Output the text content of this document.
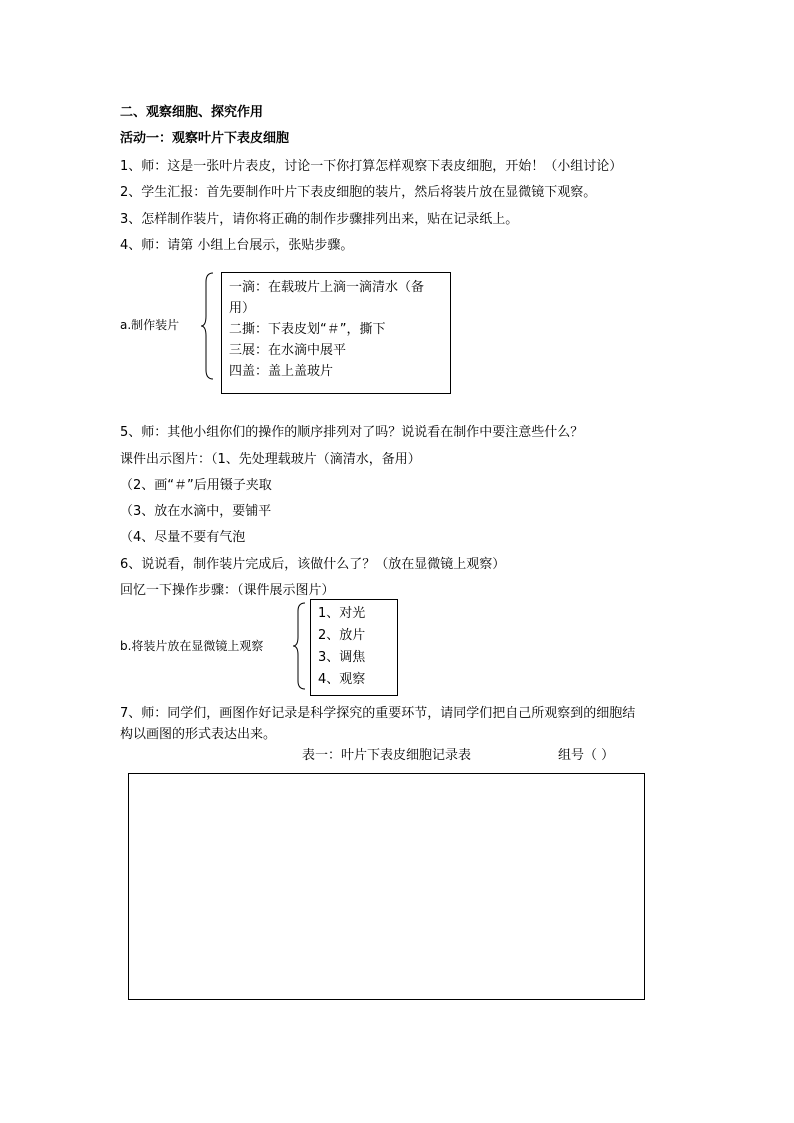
二、观察细胞、探究作用
活动一：观察叶片下表皮细胞
1、师：这是一张叶片表皮，讨论一下你打算怎样观察下表皮细胞，开始！（小组讨论）
2、学生汇报：首先要制作叶片下表皮细胞的装片，然后将装片放在显微镜下观察。
3、怎样制作装片，请你将正确的制作步骤排列出来，贴在记录纸上。
4、师：请第 小组上台展示，张贴步骤。
a.制作装片
一滴：在载玻片上滴一滴清水（备
用）
二撕：下表皮划“＃”，撕下
三展：在水滴中展平
四盖：盖上盖玻片
5、师：其他小组你们的操作的顺序排列对了吗？说说看在制作中要注意些什么？
课件出示图片：（1、先处理载玻片（滴清水，备用）
（2、画“＃”后用镊子夹取
（3、放在水滴中，要铺平
（4、尽量不要有气泡
6、说说看，制作装片完成后，该做什么了？（放在显微镜上观察）
回忆一下操作步骤：（课件展示图片）
b.将装片放在显微镜上观察
1、对光
2、放片
3、调焦
4、观察
7、师：同学们，画图作好记录是科学探究的重要环节，请同学们把自己所观察到的细胞结
构以画图的形式表达出来。
表一：叶片下表皮细胞记录表	组号（ ）
